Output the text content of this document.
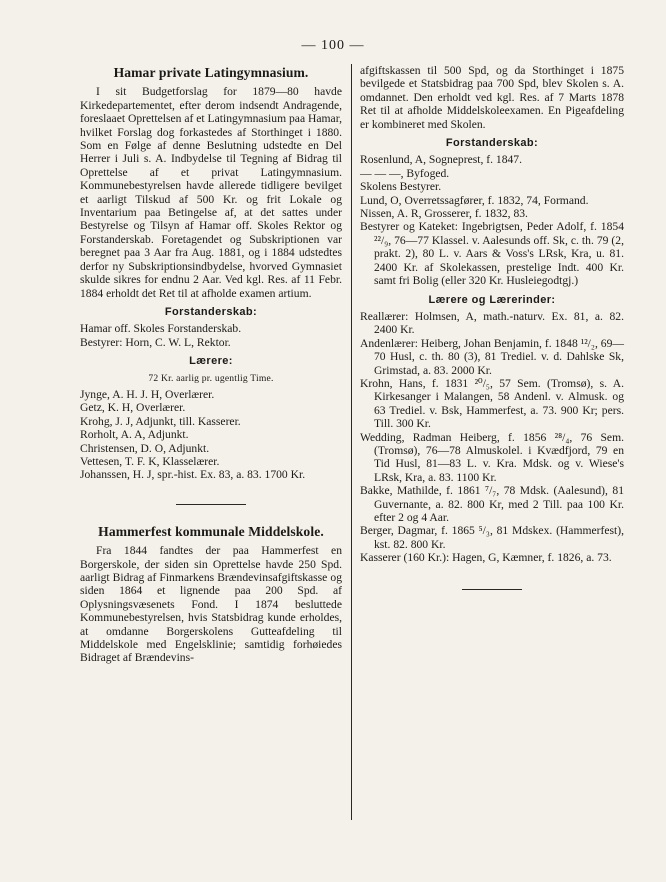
— 100 —
Hamar private Latingymnasium.

I sit Budgetforslag for 1879—80 havde Kirkedepartementet, efter derom indsendt Andragende, foreslaaet Oprettelsen af et Latingymnasium paa Hamar, hvilket Forslag dog forkastedes af Storthinget i 1880. Som en Følge af denne Beslutning udstedte en Del Herrer i Juli s. A. Indbydelse til Tegning af Bidrag til Oprettelse af et privat Latingymnasium. Kommunebestyrelsen havde allerede tidligere bevilget et aarligt Tilskud af 500 Kr. og frit Lokale og Inventarium paa Betingelse af, at det sattes under Bestyrelse og Tilsyn af Hamar off. Skoles Rektor og Forstanderskab. Foretagendet og Subskriptionen var beregnet paa 3 Aar fra Aug. 1881, og i 1884 udstedtes derfor ny Subskriptionsindbydelse, hvorved Gymnasiet skulde sikres for endnu 2 Aar. Ved kgl. Res. af 11 Febr. 1884 erholdt det Ret til at afholde examen artium.

Forstanderskab:

Hamar off. Skoles Forstanderskab.

Bestyrer: Horn, C. W. L, Rektor.

Lærere:
72 Kr. aarlig pr. ugentlig Time.

Jynge, A. H. J. H, Overlærer.

Getz, K. H, Overlærer.

Krohg, J. J, Adjunkt, till. Kasserer.

Rorholt, A. A, Adjunkt.

Christensen, D. O, Adjunkt.

Vettesen, T. F. K, Klasselærer.

Johanssen, H. J, spr.-hist. Ex. 83, a. 83. 1700 Kr.

Hammerfest kommunale Middelskole.

Fra 1844 fandtes der paa Hammerfest en Borgerskole, der siden sin Oprettelse havde 250 Spd. aarligt Bidrag af Finmarkens Brændevinsafgiftskasse og siden 1864 et lignende paa 200 Spd. af Oplysningsvæsenets Fond. I 1874 besluttede Kommunebestyrelsen, hvis Statsbidrag kunde erholdes, at omdanne Borgerskolens Gutteafdeling til Middelskole med Engelsklinie; samtidig forhøiedes Bidraget af Brændevins-

afgiftskassen til 500 Spd, og da Storthinget i 1875 bevilgede et Statsbidrag paa 700 Spd, blev Skolen s. A. omdannet. Den erholdt ved kgl. Res. af 7 Marts 1878 Ret til at afholde Middelskoleexamen. En Pigeafdeling er kombineret med Skolen.

Forstanderskab:

Rosenlund, A, Sogneprest, f. 1847.

— — —, Byfoged.

Skolens Bestyrer.

Lund, O, Overretssagfører, f. 1832, 74, Formand.

Nissen, A. R, Grosserer, f. 1832, 83.

Bestyrer og Kateket: Ingebrigtsen, Peder Adolf, f. 1854 ²²/₉, 76—77 Klassel. v. Aalesunds off. Sk, c. th. 79 (2, prakt. 2), 80 L. v. Aars & Voss's LRsk, Kra, u. 81. 2400 Kr. af Skolekassen, prestelige Indt. 400 Kr. samt fri Bolig (eller 320 Kr. Husleiegodtgj.)

Lærere og Lærerinder:

Reallærer: Holmsen, A, math.-naturv. Ex. 81, a. 82. 2400 Kr.

Andenlærer: Heiberg, Johan Benjamin, f. 1848 ¹²/₂, 69—70 Husl, c. th. 80 (3), 81 Trediel. v. d. Dahlske Sk, Grimstad, a. 83. 2000 Kr.

Krohn, Hans, f. 1831 ²⁰/₅, 57 Sem. (Tromsø), s. A. Kirkesanger i Malangen, 58 Andenl. v. Almusk. og 63 Trediel. v. Bsk, Hammerfest, a. 73. 900 Kr; pers. Till. 300 Kr.

Wedding, Radman Heiberg, f. 1856 ²⁸/₄, 76 Sem. (Tromsø), 76—78 Almuskolel. i Kvædfjord, 79 en Tid Husl, 81—83 L. v. Kra. Mdsk. og v. Wiese's LRsk, Kra, a. 83. 1100 Kr.

Bakke, Mathilde, f. 1861 ⁷/₇, 78 Mdsk. (Aalesund), 81 Guvernante, a. 82. 800 Kr, med 2 Till. paa 100 Kr. efter 2 og 4 Aar.

Berger, Dagmar, f. 1865 ⁵/₃, 81 Mdskex. (Hammerfest), kst. 82. 800 Kr.

Kasserer (160 Kr.): Hagen, G, Kæmner, f. 1826, a. 73.
